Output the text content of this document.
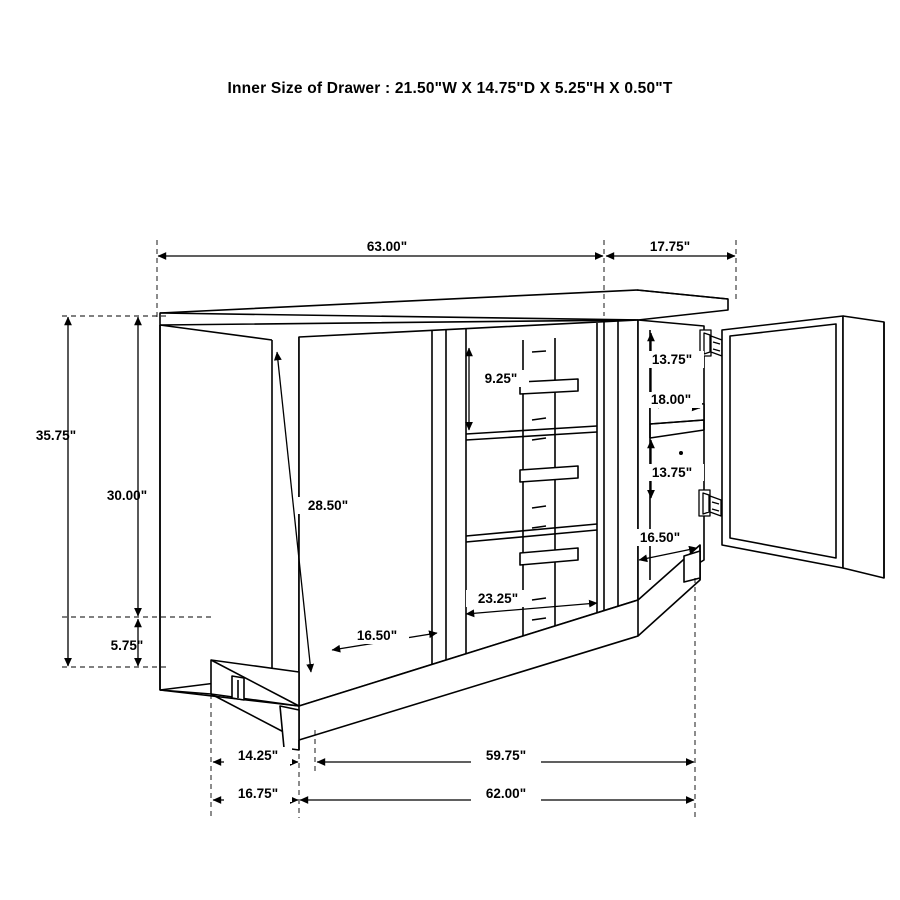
Inner Size of Drawer : 21.50"W X 14.75"D X 5.25"H X 0.50"T
63.00"	17.75"
35.75"
30.00"
5.75"
28.50"
16.50"
9.25"
23.25"
13.75"
18.00"
13.75"
16.50"
14.25"
16.75"
59.75"
62.00"
